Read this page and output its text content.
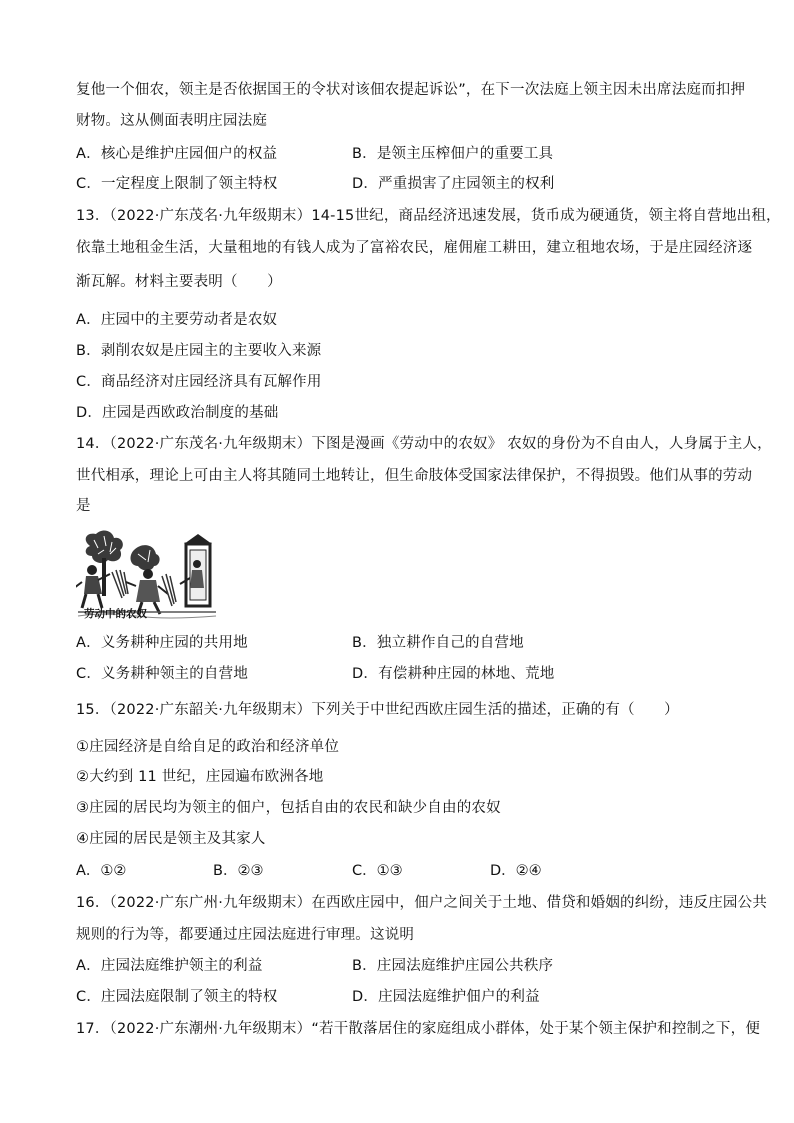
复他一个佃农，领主是否依据国王的令状对该佃农提起诉讼”，在下一次法庭上领主因未出席法庭而扣押
财物。这从侧面表明庄园法庭
A．核心是维护庄园佃户的权益	B．是领主压榨佃户的重要工具
C．一定程度上限制了领主特权	D．严重损害了庄园领主的权利
13．（2022·广东茂名·九年级期末）14-15世纪，商品经济迅速发展，货币成为硬通货，领主将自营地出租，
依靠土地租金生活，大量租地的有钱人成为了富裕农民，雇佣雇工耕田，建立租地农场，于是庄园经济逐
渐瓦解。材料主要表明（　　）
A．庄园中的主要劳动者是农奴
B．剥削农奴是庄园主的主要收入来源
C．商品经济对庄园经济具有瓦解作用
D．庄园是西欧政治制度的基础
14．（2022·广东茂名·九年级期末）下图是漫画《劳动中的农奴》 农奴的身份为不自由人，人身属于主人，
世代相承，理论上可由主人将其随同土地转让，但生命肢体受国家法律保护，不得损毁。他们从事的劳动
是
劳动中的农奴
A．义务耕种庄园的共用地	B．独立耕作自己的自营地
C．义务耕种领主的自营地	D．有偿耕种庄园的林地、荒地
15．（2022·广东韶关·九年级期末）下列关于中世纪西欧庄园生活的描述，正确的有（　　）
①庄园经济是自给自足的政治和经济单位
②大约到 11 世纪，庄园遍布欧洲各地
③庄园的居民均为领主的佃户，包括自由的农民和缺少自由的农奴
④庄园的居民是领主及其家人
A．①②	B．②③	C．①③	D．②④
16．（2022·广东广州·九年级期末）在西欧庄园中，佃户之间关于土地、借贷和婚姻的纠纷，违反庄园公共
规则的行为等，都要通过庄园法庭进行审理。这说明
A．庄园法庭维护领主的利益	B．庄园法庭维护庄园公共秩序
C．庄园法庭限制了领主的特权	D．庄园法庭维护佃户的利益
17．（2022·广东潮州·九年级期末）“若干散落居住的家庭组成小群体，处于某个领主保护和控制之下，便
